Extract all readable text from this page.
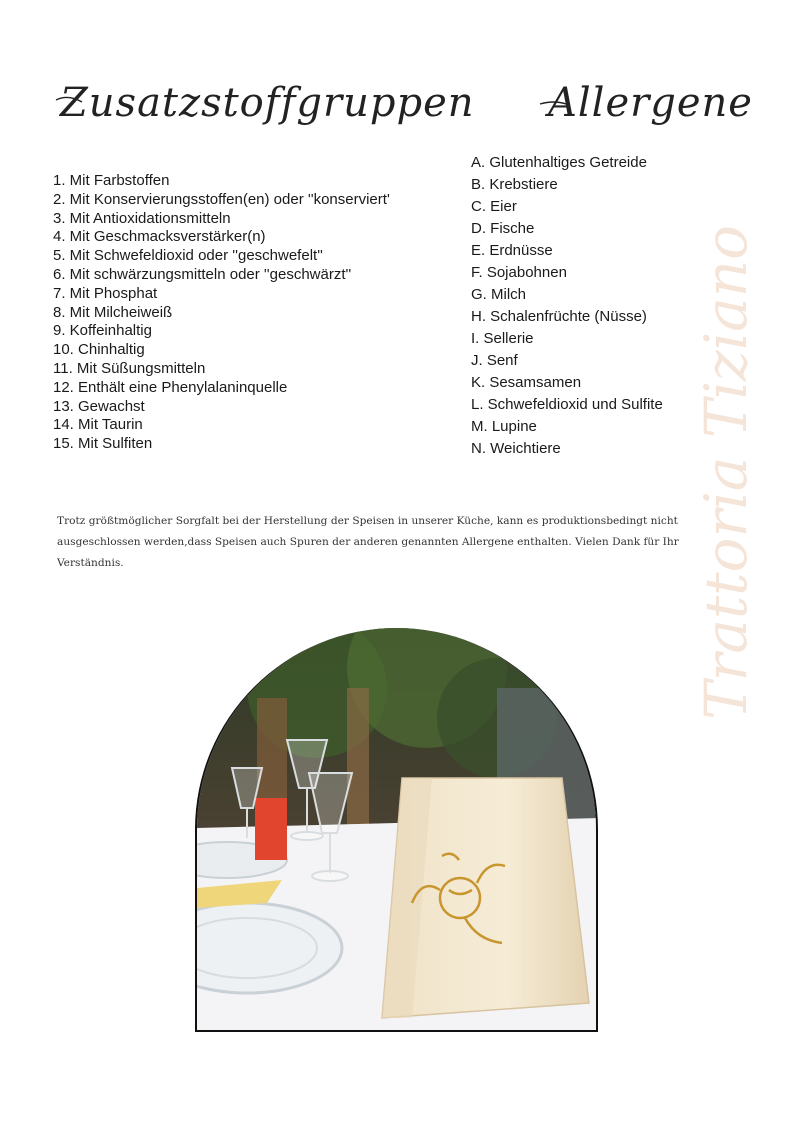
Zusatzstoffgruppen Allergene
1. Mit Farbstoffen
2. Mit Konservierungsstoffen(en) oder ''konserviert'
3. Mit Antioxidationsmitteln
4. Mit Geschmacksverstärker(n)
5. Mit Schwefeldioxid oder ''geschwefelt''
6. Mit schwärzungsmitteln oder ''geschwärzt''
7. Mit Phosphat
8. Mit Milcheiweiß
9. Koffeinhaltig
10. Chinhaltig
11. Mit Süßungsmitteln
12. Enthält eine Phenylalaninquelle
13. Gewachst
14. Mit Taurin
15. Mit Sulfiten
A. Glutenhaltiges Getreide
B. Krebstiere
C. Eier
D. Fische
E. Erdnüsse
F. Sojabohnen
G. Milch
H. Schalenfrüchte (Nüsse)
I. Sellerie
J. Senf
K. Sesamsamen
L. Schwefeldioxid und Sulfite
M. Lupine
N. Weichtiere

Trotz größtmöglicher Sorgfalt bei der Herstellung der Speisen in unserer Küche, kann es produktionsbedingt nicht ausgeschlossen werden,dass Speisen auch Spuren der anderen genannten Allergene enthalten. Vielen Dank für Ihr Verständnis.	Trattoria Tiziano
